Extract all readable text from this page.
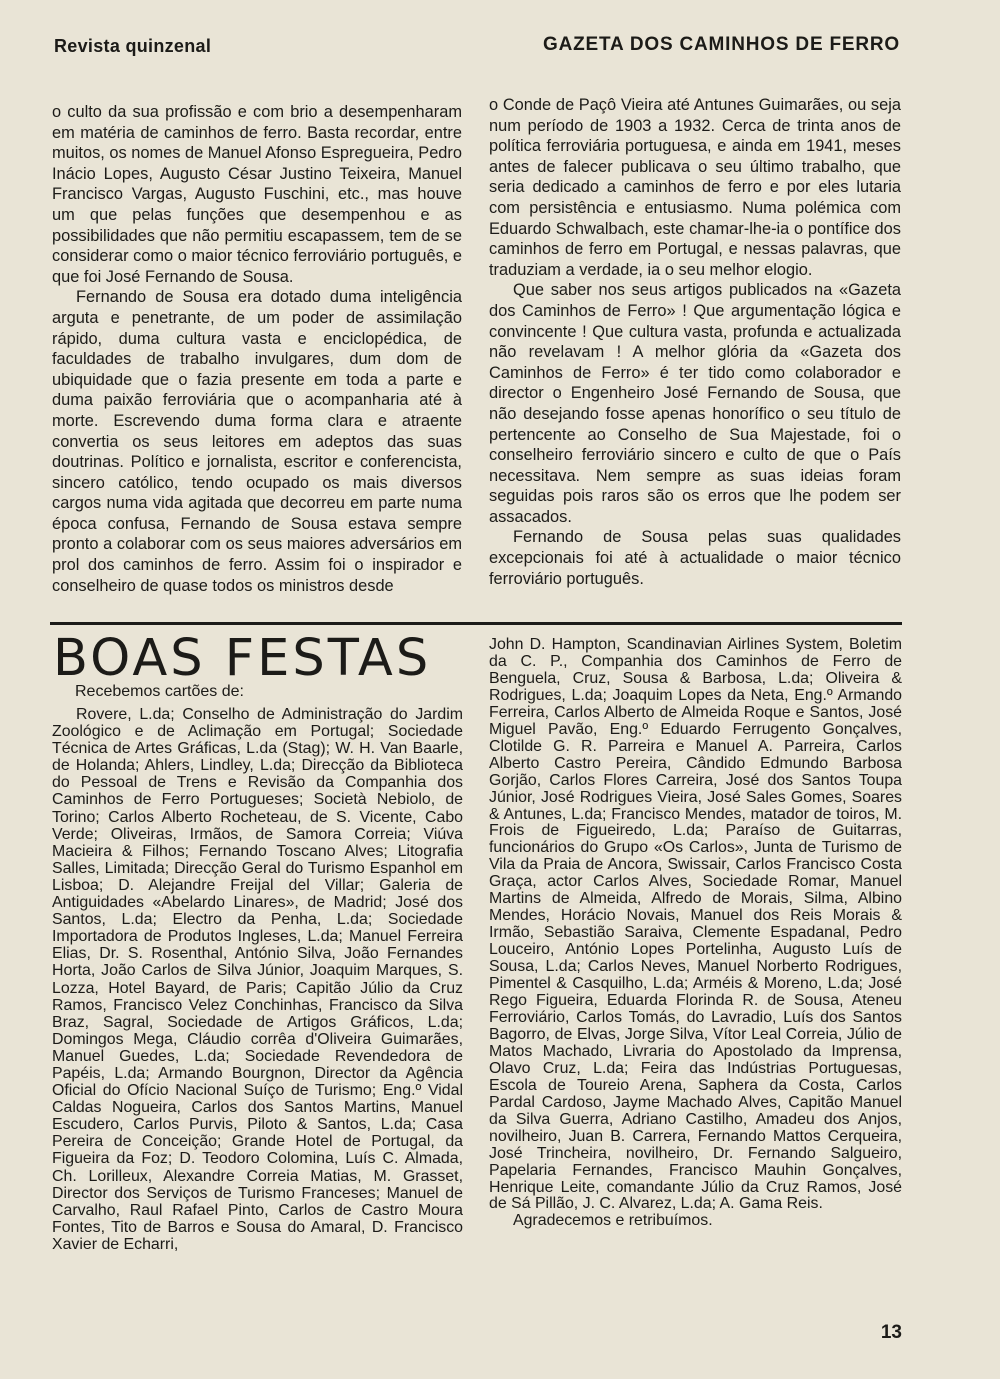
Revista quinzenal	GAZETA DOS CAMINHOS DE FERRO

o culto da sua profissão e com brio a desempenharam em matéria de caminhos de ferro. Basta recordar, entre muitos, os nomes de Manuel Afonso Espregueira, Pedro Inácio Lopes, Augusto César Justino Teixeira, Manuel Francisco Vargas, Augusto Fuschini, etc., mas houve um que pelas funções que desempenhou e as possibilidades que não permitiu escapassem, tem de se considerar como o maior técnico ferroviário português, e que foi José Fernando de Sousa.

Fernando de Sousa era dotado duma inteligência arguta e penetrante, de um poder de assimilação rápido, duma cultura vasta e enciclopédica, de faculdades de trabalho invulgares, dum dom de ubiquidade que o fazia presente em toda a parte e duma paixão ferroviária que o acompanharia até à morte. Escrevendo duma forma clara e atraente convertia os seus leitores em adeptos das suas doutrinas. Político e jornalista, escritor e conferencista, sincero católico, tendo ocupado os mais diversos cargos numa vida agitada que decorreu em parte numa época confusa, Fernando de Sousa estava sempre pronto a colaborar com os seus maiores adversários em prol dos caminhos de ferro. Assim foi o inspirador e conselheiro de quase todos os ministros desde

o Conde de Paçô Vieira até Antunes Guimarães, ou seja num período de 1903 a 1932. Cerca de trinta anos de política ferroviária portuguesa, e ainda em 1941, meses antes de falecer publicava o seu último trabalho, que seria dedicado a caminhos de ferro e por eles lutaria com persistência e entusiasmo. Numa polémica com Eduardo Schwalbach, este chamar-lhe-ia o pontífice dos caminhos de ferro em Portugal, e nessas palavras, que traduziam a verdade, ia o seu melhor elogio.

Que saber nos seus artigos publicados na «Gazeta dos Caminhos de Ferro» ! Que argumentação lógica e convincente ! Que cultura vasta, profunda e actualizada não revelavam ! A melhor glória da «Gazeta dos Caminhos de Ferro» é ter tido como colaborador e director o Engenheiro José Fernando de Sousa, que não desejando fosse apenas honorífico o seu título de pertencente ao Conselho de Sua Majestade, foi o conselheiro ferroviário sincero e culto de que o País necessitava. Nem sempre as suas ideias foram seguidas pois raros são os erros que lhe podem ser assacados.

Fernando de Sousa pelas suas qualidades excepcionais foi até à actualidade o maior técnico ferroviário português.

BOAS FESTAS
Recebemos cartões de:

Rovere, L.da; Conselho de Administração do Jardim Zoológico e de Aclimação em Portugal; Sociedade Técnica de Artes Gráficas, L.da (Stag); W. H. Van Baarle, de Holanda; Ahlers, Lindley, L.da; Direcção da Biblioteca do Pessoal de Trens e Revisão da Companhia dos Caminhos de Ferro Portugueses; Società Nebiolo, de Torino; Carlos Alberto Rocheteau, de S. Vicente, Cabo Verde; Oliveiras, Irmãos, de Samora Correia; Viúva Macieira & Filhos; Fernando Toscano Alves; Litografia Salles, Limitada; Direcção Geral do Turismo Espanhol em Lisboa; D. Alejandre Freijal del Villar; Galeria de Antiguidades «Abelardo Linares», de Madrid; José dos Santos, L.da; Electro da Penha, L.da; Sociedade Importadora de Produtos Ingleses, L.da; Manuel Ferreira Elias, Dr. S. Rosenthal, António Silva, João Fernandes Horta, João Carlos de Silva Júnior, Joaquim Marques, S. Lozza, Hotel Bayard, de Paris; Capitão Júlio da Cruz Ramos, Francisco Velez Conchinhas, Francisco da Silva Braz, Sagral, Sociedade de Artigos Gráficos, L.da; Domingos Mega, Cláudio corrêa d'Oliveira Guimarães, Manuel Guedes, L.da; Sociedade Revendedora de Papéis, L.da; Armando Bourgnon, Director da Agência Oficial do Ofício Nacional Suíço de Turismo; Eng.º Vidal Caldas Nogueira, Carlos dos Santos Martins, Manuel Escudero, Carlos Purvis, Piloto & Santos, L.da; Casa Pereira de Conceição; Grande Hotel de Portugal, da Figueira da Foz; D. Teodoro Colomina, Luís C. Almada, Ch. Lorilleux, Alexandre Correia Matias, M. Grasset, Director dos Serviços de Turismo Franceses; Manuel de Carvalho, Raul Rafael Pinto, Carlos de Castro Moura Fontes, Tito de Barros e Sousa do Amaral, D. Francisco Xavier de Echarri,

John D. Hampton, Scandinavian Airlines System, Boletim da C. P., Companhia dos Caminhos de Ferro de Benguela, Cruz, Sousa & Barbosa, L.da; Oliveira & Rodrigues, L.da; Joaquim Lopes da Neta, Eng.º Armando Ferreira, Carlos Alberto de Almeida Roque e Santos, José Miguel Pavão, Eng.º Eduardo Ferrugento Gonçalves, Clotilde G. R. Parreira e Manuel A. Parreira, Carlos Alberto Castro Pereira, Cândido Edmundo Barbosa Gorjão, Carlos Flores Carreira, José dos Santos Toupa Júnior, José Rodrigues Vieira, José Sales Gomes, Soares & Antunes, L.da; Francisco Mendes, matador de toiros, M. Frois de Figueiredo, L.da; Paraíso de Guitarras, funcionários do Grupo «Os Carlos», Junta de Turismo de Vila da Praia de Ancora, Swissair, Carlos Francisco Costa Graça, actor Carlos Alves, Sociedade Romar, Manuel Martins de Almeida, Alfredo de Morais, Silma, Albino Mendes, Horácio Novais, Manuel dos Reis Morais & Irmão, Sebastião Saraiva, Clemente Espadanal, Pedro Louceiro, António Lopes Portelinha, Augusto Luís de Sousa, L.da; Carlos Neves, Manuel Norberto Rodrigues, Pimentel & Casquilho, L.da; Arméis & Moreno, L.da; José Rego Figueira, Eduarda Florinda R. de Sousa, Ateneu Ferroviário, Carlos Tomás, do Lavradio, Luís dos Santos Bagorro, de Elvas, Jorge Silva, Vítor Leal Correia, Júlio de Matos Machado, Livraria do Apostolado da Imprensa, Olavo Cruz, L.da; Feira das Indústrias Portuguesas, Escola de Toureio Arena, Saphera da Costa, Carlos Pardal Cardoso, Jayme Machado Alves, Capitão Manuel da Silva Guerra, Adriano Castilho, Amadeu dos Anjos, novilheiro, Juan B. Carrera, Fernando Mattos Cerqueira, José Trincheira, novilheiro, Dr. Fernando Salgueiro, Papelaria Fernandes, Francisco Mauhin Gonçalves, Henrique Leite, comandante Júlio da Cruz Ramos, José de Sá Pillão, J. C. Alvarez, L.da; A. Gama Reis.

Agradecemos e retribuímos.

13
